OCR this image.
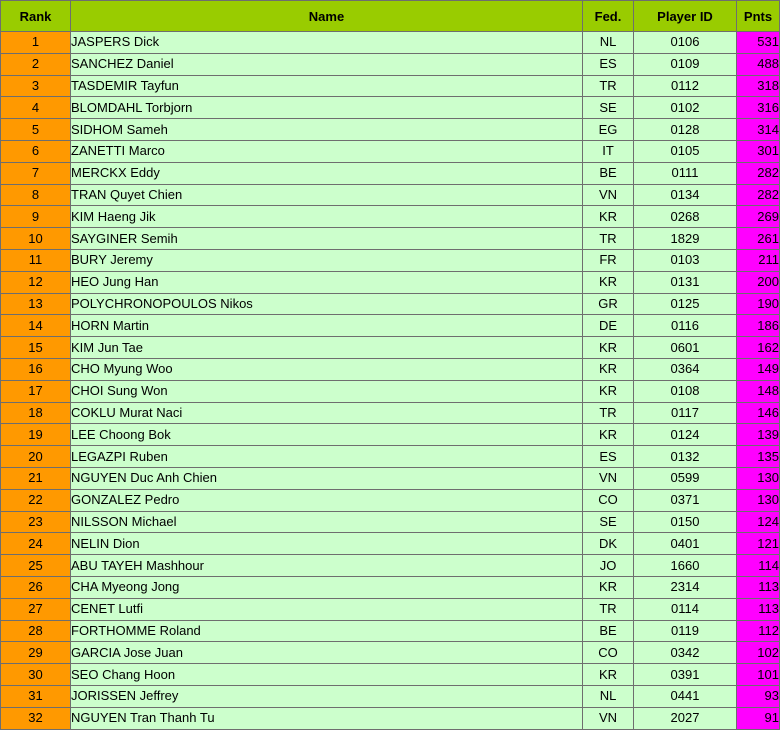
Rank	Name	Fed.	Player ID	Pnts
1	JASPERS Dick	NL	0106	531
2	SANCHEZ Daniel	ES	0109	488
3	TASDEMIR Tayfun	TR	0112	318
4	BLOMDAHL Torbjorn	SE	0102	316
5	SIDHOM Sameh	EG	0128	314
6	ZANETTI Marco	IT	0105	301
7	MERCKX Eddy	BE	0111	282
8	TRAN Quyet Chien	VN	0134	282
9	KIM Haeng Jik	KR	0268	269
10	SAYGINER Semih	TR	1829	261
11	BURY Jeremy	FR	0103	211
12	HEO Jung Han	KR	0131	200
13	POLYCHRONOPOULOS Nikos	GR	0125	190
14	HORN Martin	DE	0116	186
15	KIM Jun Tae	KR	0601	162
16	CHO Myung Woo	KR	0364	149
17	CHOI Sung Won	KR	0108	148
18	COKLU Murat Naci	TR	0117	146
19	LEE Choong Bok	KR	0124	139
20	LEGAZPI Ruben	ES	0132	135
21	NGUYEN Duc Anh Chien	VN	0599	130
22	GONZALEZ Pedro	CO	0371	130
23	NILSSON Michael	SE	0150	124
24	NELIN Dion	DK	0401	121
25	ABU TAYEH Mashhour	JO	1660	114
26	CHA Myeong Jong	KR	2314	113
27	CENET Lutfi	TR	0114	113
28	FORTHOMME Roland	BE	0119	112
29	GARCIA Jose Juan	CO	0342	102
30	SEO Chang Hoon	KR	0391	101
31	JORISSEN Jeffrey	NL	0441	93
32	NGUYEN Tran Thanh Tu	VN	2027	91
